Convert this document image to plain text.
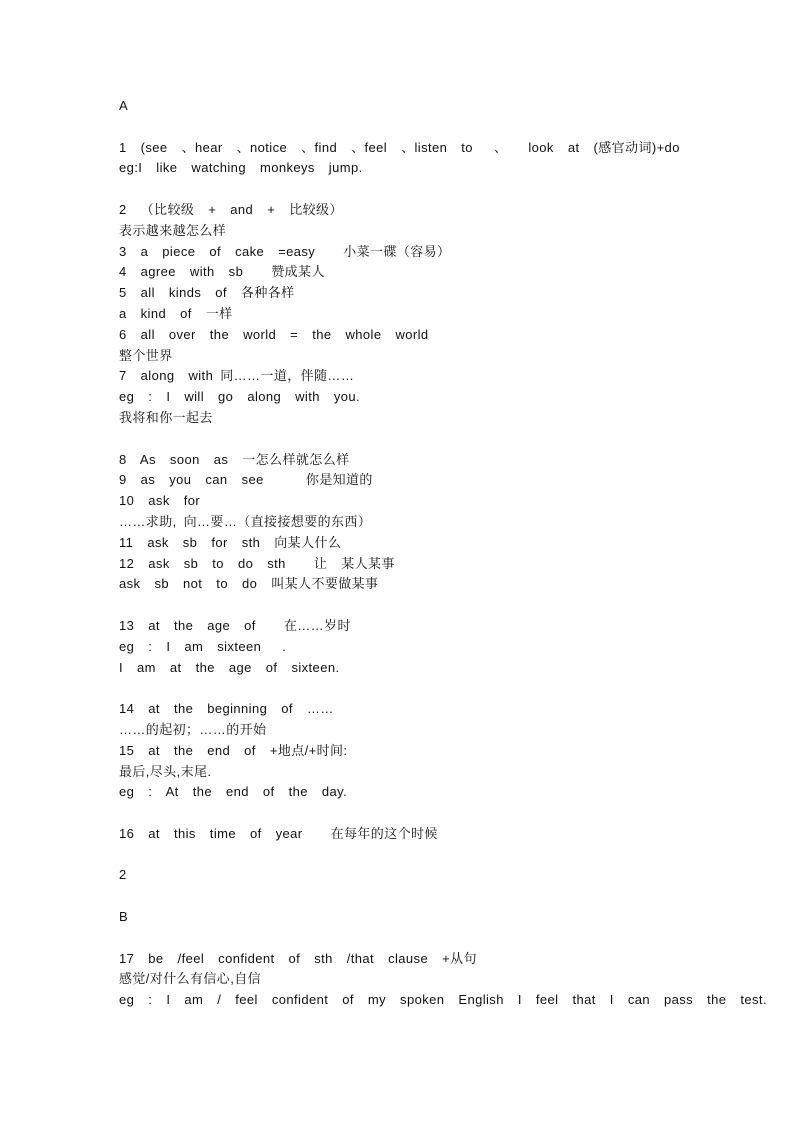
A
1  (see  、hear  、notice  、find  、feel  、listen  to   、   look  at  (感官动词)+do
eg:I  like  watching  monkeys  jump.
2  （比较级  +  and  +  比较级）
表示越来越怎么样
3  a  piece  of  cake  =easy    小菜一碟（容易）
4  agree  with  sb    赞成某人
5  all  kinds  of  各种各样
a  kind  of  一样
6  all  over  the  world  =  the  whole  world
整个世界
7  along  with 同……一道，伴随……
eg  :  I  will  go  along  with  you.
我将和你一起去
8  As  soon  as  一怎么样就怎么样
9  as  you  can  see      你是知道的
10  ask  for
……求助, 向…要…（直接接想要的东西）
11  ask  sb  for  sth  向某人什么
12  ask  sb  to  do  sth    让  某人某事
ask  sb  not  to  do  叫某人不要做某事
13  at  the  age  of    在……岁时
eg  :  I  am  sixteen   .
I  am  at  the  age  of  sixteen.
14  at  the  beginning  of  ……
……的起初；……的开始
15  at  the  end  of  +地点/+时间:
最后,尽头,末尾.
eg  :  At  the  end  of  the  day.
16  at  this  time  of  year    在每年的这个时候
2
B
17  be  /feel  confident  of  sth  /that  clause  +从句
感觉/对什么有信心,自信
eg  :  I  am  /  feel  confident  of  my  spoken  English  I  feel  that  I  can  pass  the  test.
